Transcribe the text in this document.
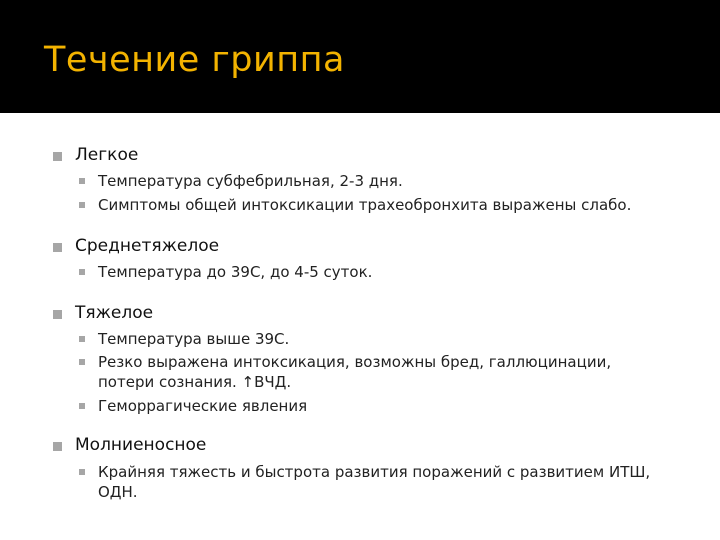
Течение гриппа
Легкое
Температура субфебрильная, 2-3 дня.
Симптомы общей интоксикации трахеобронхита выражены слабо.
Среднетяжелое
Температура до 39С, до 4-5 суток.
Тяжелое
Температура выше 39С.
Резко выражена интоксикация, возможны бред, галлюцинации, потери сознания. ↑ВЧД.
Геморрагические явления
Молниеносное
Крайняя тяжесть и быстрота развития поражений с развитием ИТШ, ОДН.
